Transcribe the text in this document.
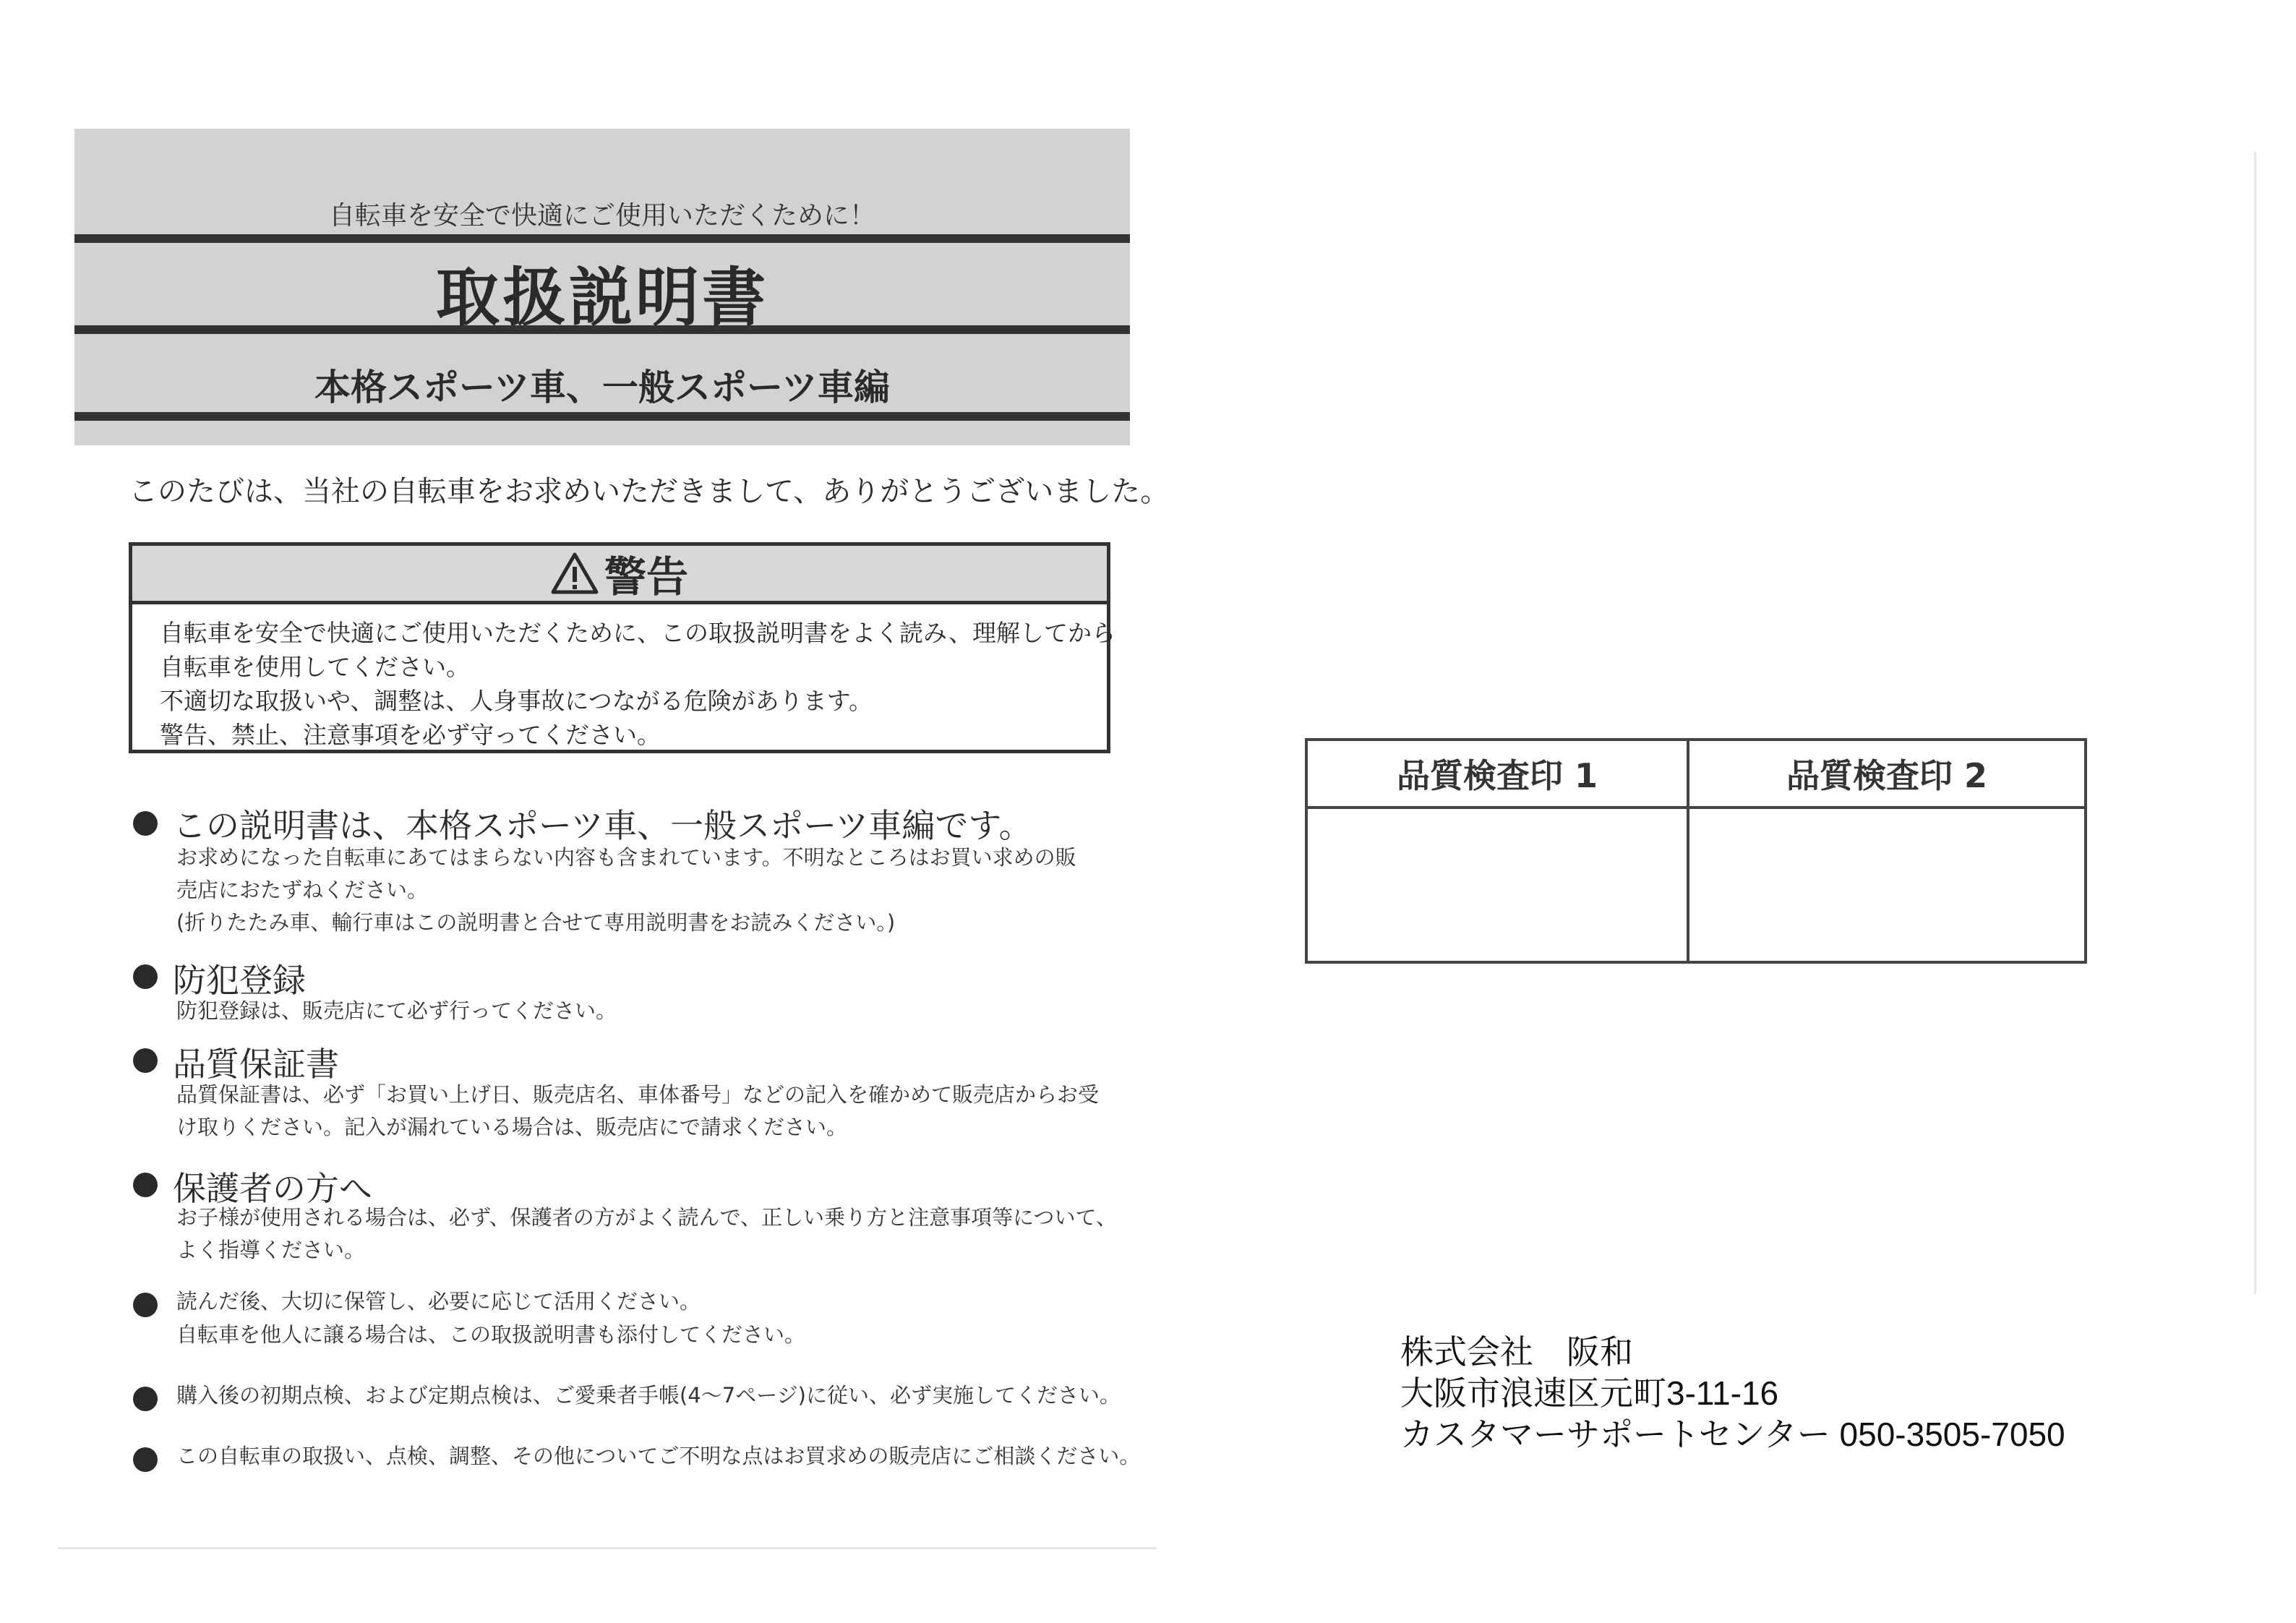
自転車を安全で快適にご使用いただくために！
取扱説明書
本格スポーツ車、一般スポーツ車編
このたびは、当社の自転車をお求めいただきまして、ありがとうございました。
警告
自転車を安全で快適にご使用いただくために、この取扱説明書をよく読み、理解してから
自転車を使用してください。
不適切な取扱いや、調整は、人身事故につながる危険があります。
警告、禁止、注意事項を必ず守ってください。
この説明書は、本格スポーツ車、一般スポーツ車編です。
お求めになった自転車にあてはまらない内容も含まれています。不明なところはお買い求めの販
売店におたずねください。
(折りたたみ車、輸行車はこの説明書と合せて専用説明書をお読みください。)
防犯登録
防犯登録は、販売店にて必ず行ってください。
品質保証書
品質保証書は、必ず「お買い上げ日、販売店名、車体番号」などの記入を確かめて販売店からお受
け取りください。記入が漏れている場合は、販売店にで請求ください。
保護者の方へ
お子様が使用される場合は、必ず、保護者の方がよく読んで、正しい乗り方と注意事項等について、
よく指導ください。
読んだ後、大切に保管し、必要に応じて活用ください。
自転車を他人に譲る場合は、この取扱説明書も添付してください。
購入後の初期点検、および定期点検は、ご愛乗者手帳(4〜7ページ)に従い、必ず実施してください。
この自転車の取扱い、点検、調整、その他についてご不明な点はお買求めの販売店にご相談ください。
品質検査印 1	品質検査印 2
株式会社　阪和
大阪市浪速区元町3-11-16
カスタマーサポートセンター 050-3505-7050
